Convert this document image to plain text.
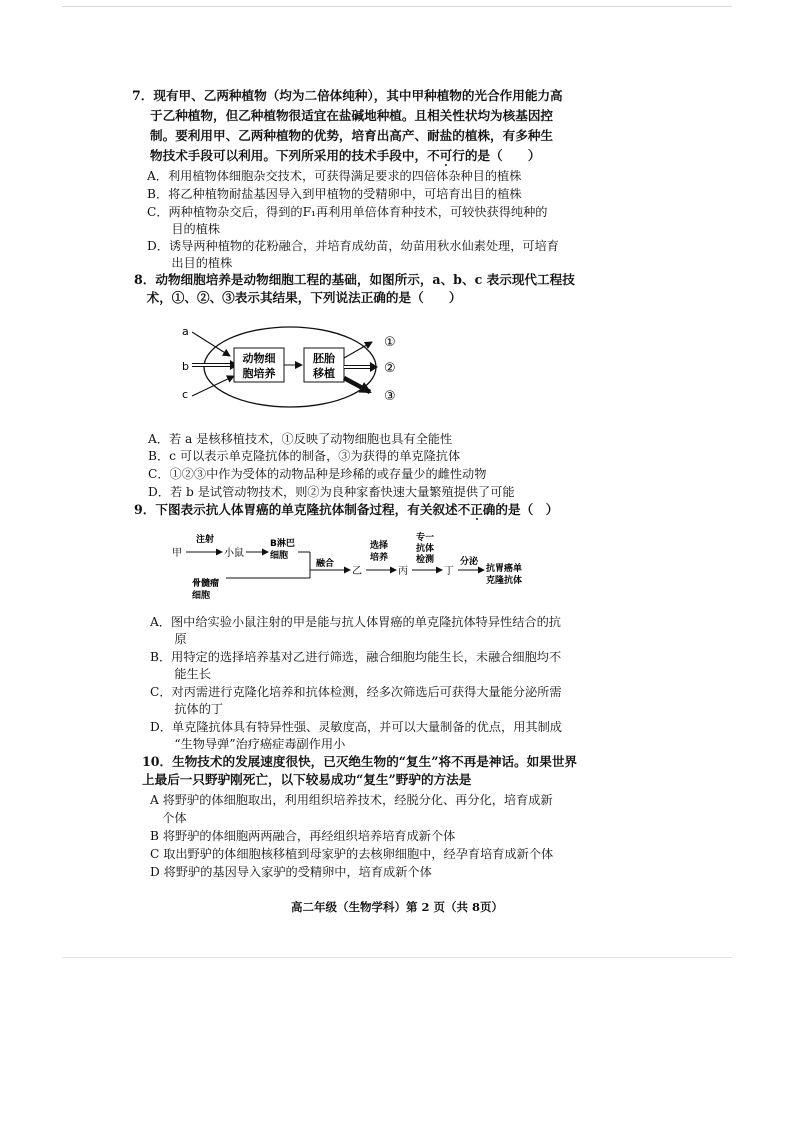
7．现有甲、乙两种植物（均为二倍体纯种），其中甲种植物的光合作用能力高
于乙种植物，但乙种植物很适宜在盐碱地种植。且相关性状均为核基因控
制。要利用甲、乙两种植物的优势，培育出高产、耐盐的植株，有多种生
物技术手段可以利用。下列所采用的技术手段中，不可行的是（　　）
A．利用植物体细胞杂交技术，可获得满足要求的四倍体杂种目的植株
B．将乙种植物耐盐基因导入到甲植物的受精卵中，可培育出目的植株
C．两种植物杂交后，得到的F₁再利用单倍体育种技术，可较快获得纯种的
　　目的植株
D．诱导两种植物的花粉融合，并培育成幼苗，幼苗用秋水仙素处理，可培育
　　出目的植株
8．动物细胞培养是动物细胞工程的基础，如图所示，a、b、c 表示现代工程技
　术，①、②、③表示其结果，下列说法正确的是（　　）
a
b
c
动物细
胞培养
胚胎
移植
①
②
③
A．若 a 是核移植技术，①反映了动物细胞也具有全能性
B．c 可以表示单克隆抗体的制备，③为获得的单克隆抗体
C．①②③中作为受体的动物品种是珍稀的或存量少的雌性动物
D．若 b 是试管动物技术，则②为良种家畜快速大量繁殖提供了可能
9．下图表示抗人体胃癌的单克隆抗体制备过程，有关叙述不正确的是（　）
甲
注射
小鼠
B淋巴
细胞
骨髓瘤
细胞
融合
乙
选择
培养
丙
专一
抗体
检测
丁
分泌
抗胃癌单
克隆抗体
A．图中给实验小鼠注射的甲是能与抗人体胃癌的单克隆抗体特异性结合的抗
　　原
B．用特定的选择培养基对乙进行筛选，融合细胞均能生长，未融合细胞均不
　　能生长
C．对丙需进行克隆化培养和抗体检测，经多次筛选后可获得大量能分泌所需
　　抗体的丁
D．单克隆抗体具有特异性强、灵敏度高，并可以大量制备的优点，用其制成
　　“生物导弹”治疗癌症毒副作用小
10．生物技术的发展速度很快，已灭绝生物的“复生”将不再是神话。如果世界
上最后一只野驴刚死亡，以下较易成功“复生”野驴的方法是
A 将野驴的体细胞取出，利用组织培养技术，经脱分化、再分化，培育成新
　个体
B 将野驴的体细胞两两融合，再经组织培养培育成新个体
C 取出野驴的体细胞核移植到母家驴的去核卵细胞中，经孕育培育成新个体
D 将野驴的基因导入家驴的受精卵中，培育成新个体
高二年级（生物学科）第 2 页（共 8页）
